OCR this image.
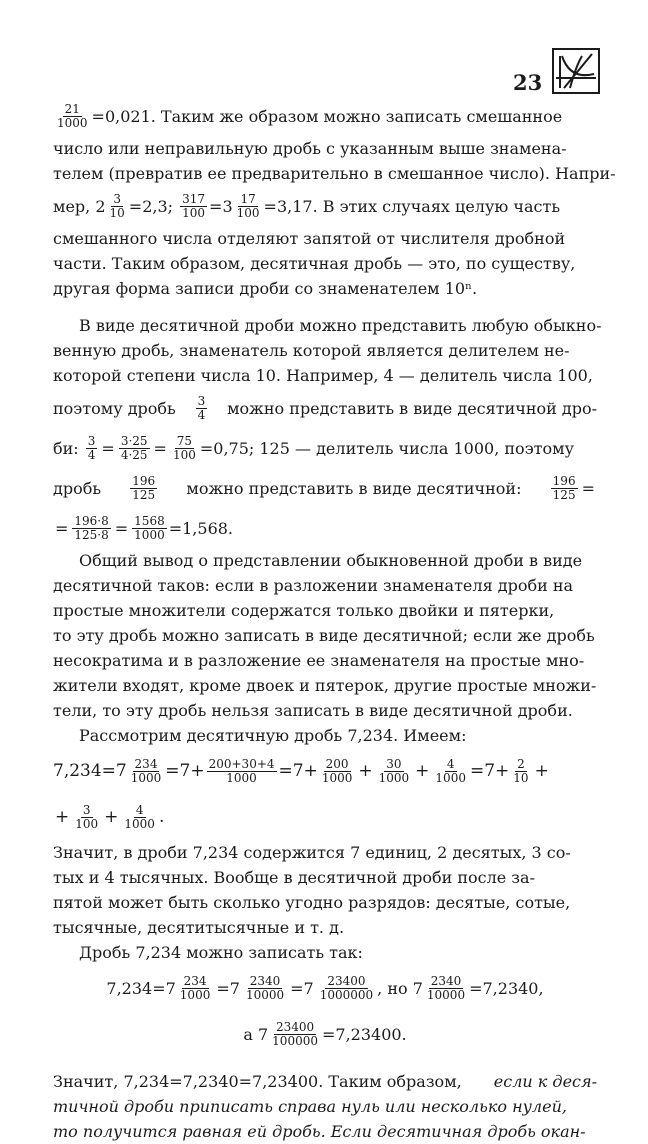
23
$\frac{21}{1000} =0,021$. Таким же образом можно записать смешанное
число или неправильную дробь с указанным выше знамена-
телем (превратив ее предварительно в смешанное число). Напри-
мер, $2 \frac{3}{10} =2,3$;
$\frac{317}{100} =3 \frac{17}{100} =3,17$. В этих случаях целую часть
смешанного числа отделяют запятой от числителя дробной
части. Таким образом, десятичная дробь — это, по существу,
другая форма записи дроби со знаменателем 10ⁿ.
В виде десятичной дроби можно представить любую обыкно-
венную дробь, знаменатель которой является делителем не-
которой степени числа 10. Например, 4 — делитель числа 100,
поэтому дробь $\frac{3}{4}$ можно представить в виде десятичной дро-
би:
$\frac{3}{4} = \frac{3\cdot 25}{4\cdot 25} = \frac{75}{100} =0,75$; 125 — делитель числа 1000, поэтому
дробь $\frac{196}{125}$ можно представить в виде десятичной: $\frac{196}{125}$ =
= $\frac{196\cdot 8}{125\cdot 8} = \frac{1568}{1000} =1,568$.
Общий вывод о представлении обыкновенной дроби в виде
десятичной таков: если в разложении знаменателя дроби на
простые множители содержатся только двойки и пятерки,
то эту дробь можно записать в виде десятичной; если же дробь
несократима и в разложение ее знаменателя на простые мно-
жители входят, кроме двоек и пятерок, другие простые множи-
тели, то эту дробь нельзя записать в виде десятичной дроби.
Рассмотрим десятичную дробь 7,234. Имеем:
$7,234=7 \frac{234}{1000} =7+ \frac{200+30+4}{1000} =7+ \frac{200}{1000} + \frac{30}{1000} + \frac{4}{1000} =7+ \frac{2}{10}$ +
+ $\frac{3}{100} + \frac{4}{1000}$ .
Значит, в дроби 7,234 содержится 7 единиц, 2 десятых, 3 со-
тых и 4 тысячных. Вообще в десятичной дроби после за-
пятой может быть сколько угодно разрядов: десятые, сотые,
тысячные, десятитысячные и т. д.
Дробь 7,234 можно записать так:
$7,234=7 \frac{234}{1000} =7 \frac{2340}{10000} =7 \frac{23400}{1000000}$ , но $7 \frac{2340}{10000} =7,2340$,
а $7 \frac{23400}{100000} =7,23400$.
Значит, 7,234=7,2340=7,23400. Таким образом, если к деся-
тичной дроби приписать справа нуль или несколько нулей,
то получится равная ей дробь. Если десятичная дробь окан-
